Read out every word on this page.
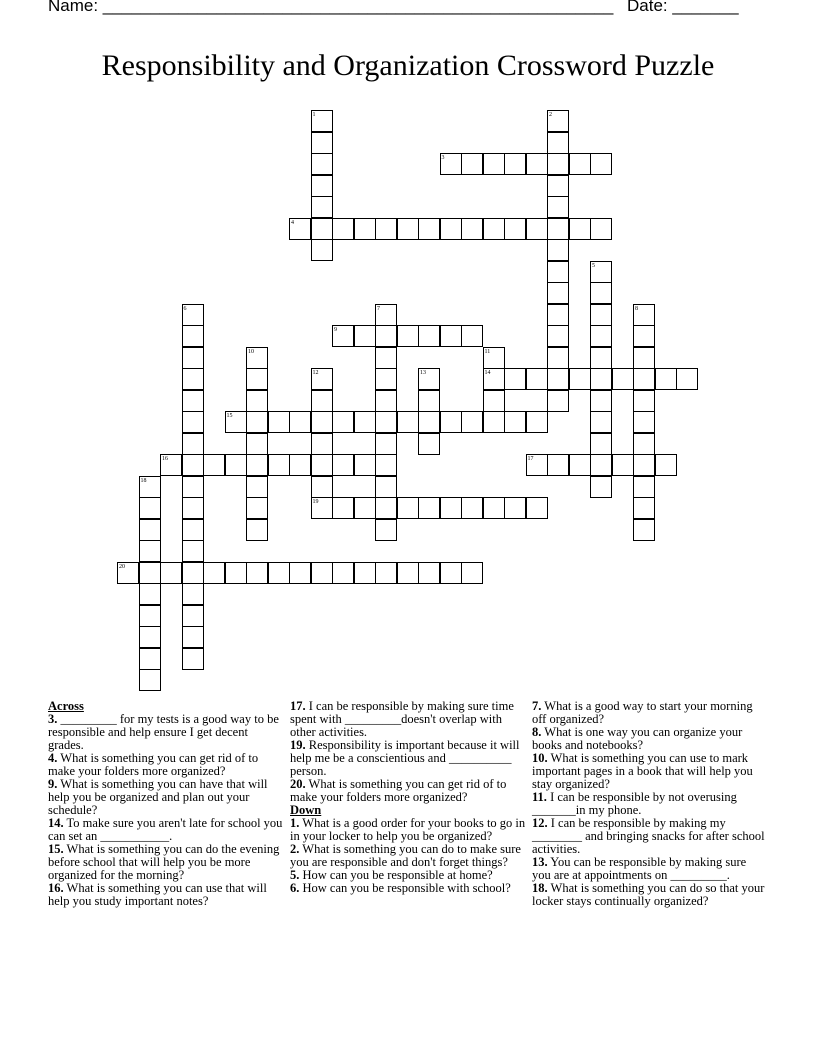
Name: ______________________________________________________ Date: _______
Responsibility and Organization Crossword Puzzle
1	2
3
4
5
6	7	8
9
10	11
12	13	14
15
16	17
18
19
20
Across

3. _________ for my tests is a good way to be responsible and help ensure I get decent grades.

4. What is something you can get rid of to make your folders more organized?

9. What is something you can have that will help you be organized and plan out your schedule?

14. To make sure you aren't late for school you can set an ___________.

15. What is something you can do the evening before school that will help you be more organized for the morning?

16. What is something you can use that will help you study important notes?

17. I can be responsible by making sure time spent with _________doesn't overlap with other activities.

19. Responsibility is important because it will help me be a conscientious and __________ person.

20. What is something you can get rid of to make your folders more organized?

Down

1. What is a good order for your books to go in in your locker to help you be organized?

2. What is something you can do to make sure you are responsible and don't forget things?

5. How can you be responsible at home?

6. How can you be responsible with school?

7. What is a good way to start your morning off organized?

8. What is one way you can organize your books and notebooks?

10. What is something you can use to mark important pages in a book that will help you stay organized?

11. I can be responsible by not overusing _______in my phone.

12. I can be responsible by making my ________ and bringing snacks for after school activities.

13. You can be responsible by making sure you are at appointments on _________.

18. What is something you can do so that your locker stays continually organized?
